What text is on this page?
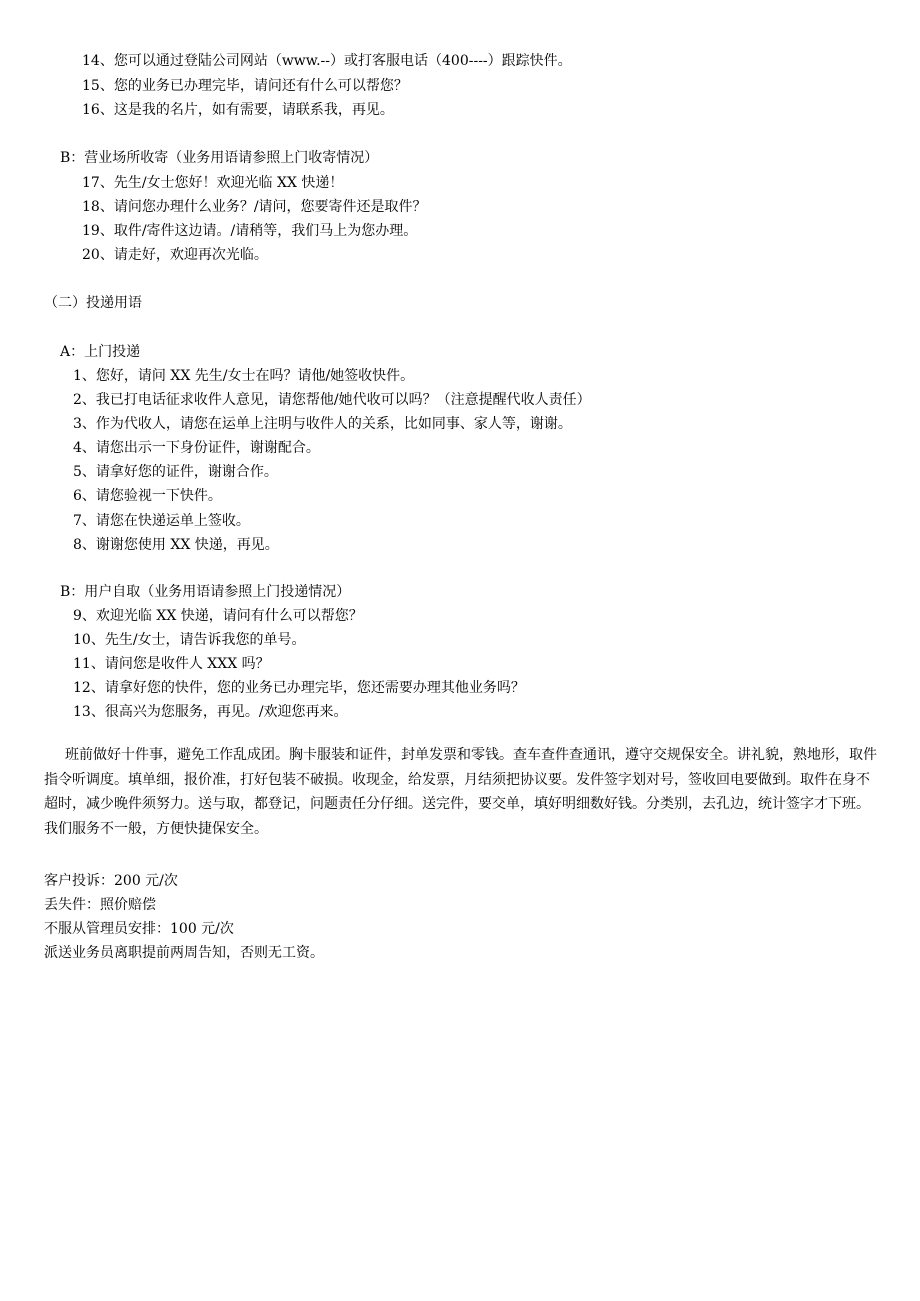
14、您可以通过登陆公司网站（www.--）或打客服电话（400----）跟踪快件。
15、您的业务已办理完毕，请问还有什么可以帮您？
16、这是我的名片，如有需要，请联系我，再见。
B：营业场所收寄（业务用语请参照上门收寄情况）
17、先生/女士您好！欢迎光临 XX 快递！
18、请问您办理什么业务？/请问，您要寄件还是取件？
19、取件/寄件这边请。/请稍等，我们马上为您办理。
20、请走好，欢迎再次光临。
（二）投递用语
A：上门投递
1、您好，请问 XX 先生/女士在吗？请他/她签收快件。
2、我已打电话征求收件人意见，请您帮他/她代收可以吗？（注意提醒代收人责任）
3、作为代收人，请您在运单上注明与收件人的关系，比如同事、家人等，谢谢。
4、请您出示一下身份证件，谢谢配合。
5、请拿好您的证件，谢谢合作。
6、请您验视一下快件。
7、请您在快递运单上签收。
8、谢谢您使用 XX 快递，再见。
B：用户自取（业务用语请参照上门投递情况）
9、欢迎光临 XX 快递，请问有什么可以帮您？
10、先生/女士，请告诉我您的单号。
11、请问您是收件人 XXX 吗？
12、请拿好您的快件，您的业务已办理完毕，您还需要办理其他业务吗？
13、很高兴为您服务，再见。/欢迎您再来。
班前做好十件事，避免工作乱成团。胸卡服装和证件，封单发票和零钱。查车查件查通讯，遵守交规保安全。讲礼貌，熟地形，取件指令听调度。填单细，报价准，打好包装不破损。收现金，给发票，月结须把协议要。发件签字划对号，签收回电要做到。取件在身不超时，减少晚件须努力。送与取，都登记，问题责任分仔细。送完件，要交单，填好明细数好钱。分类别，去孔边，统计签字才下班。我们服务不一般，方便快捷保安全。
客户投诉：200 元/次
丢失件：照价赔偿
不服从管理员安排：100 元/次
派送业务员离职提前两周告知，否则无工资。
